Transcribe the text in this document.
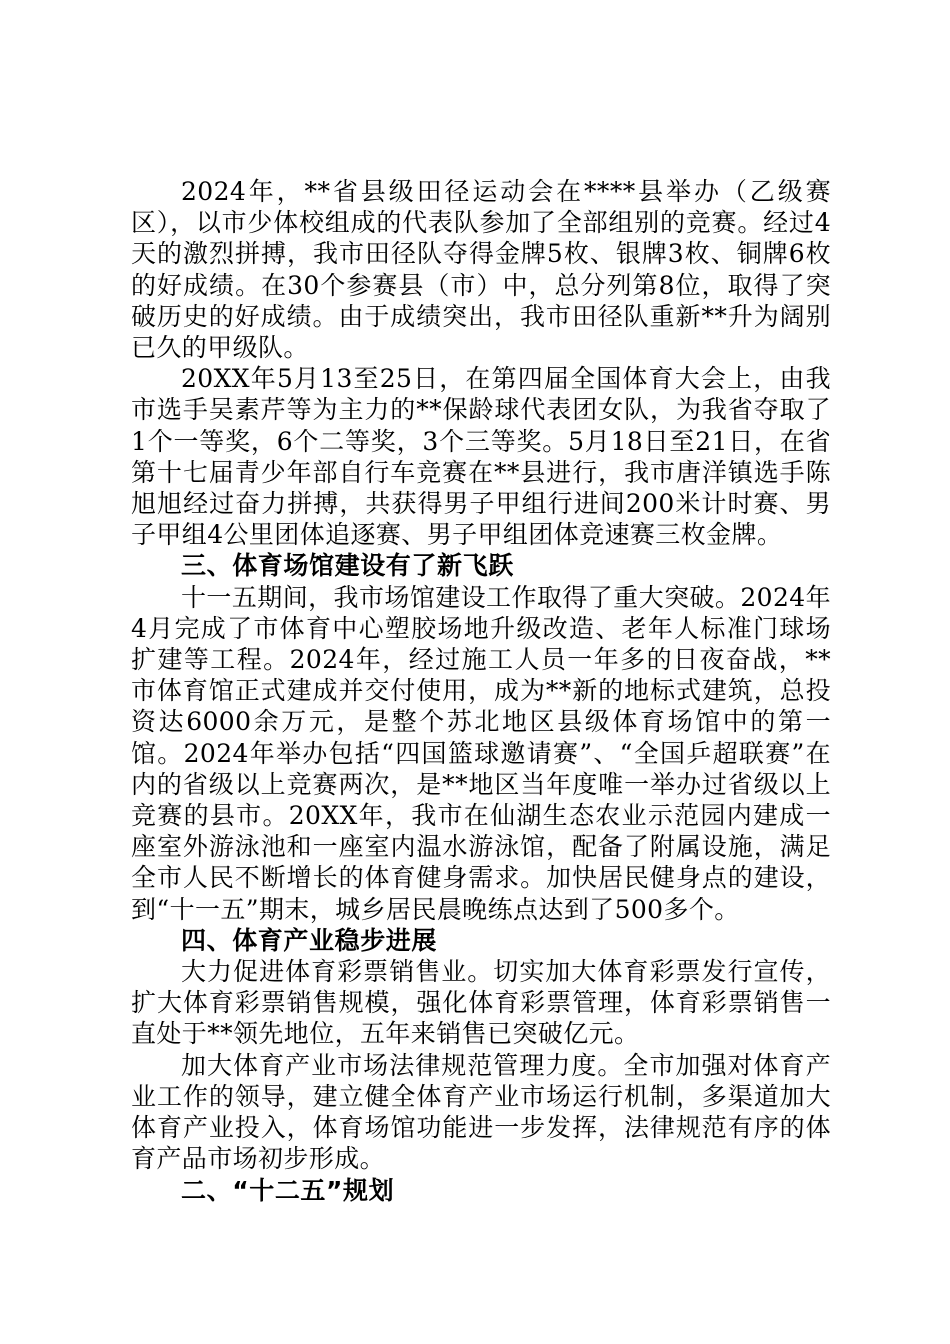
2024年，**省县级田径运动会在****县举办（乙级赛区），以市少体校组成的代表队参加了全部组别的竞赛。经过4天的激烈拼搏，我市田径队夺得金牌5枚、银牌3枚、铜牌6枚的好成绩。在30个参赛县（市）中，总分列第8位，取得了突破历史的好成绩。由于成绩突出，我市田径队重新**升为阔别已久的甲级队。

20XX年5月13至25日，在第四届全国体育大会上，由我市选手吴素芹等为主力的**保龄球代表团女队，为我省夺取了1个一等奖，6个二等奖，3个三等奖。5月18日至21日，在省第十七届青少年部自行车竞赛在**县进行，我市唐洋镇选手陈旭旭经过奋力拼搏，共获得男子甲组行进间200米计时赛、男子甲组4公里团体追逐赛、男子甲组团体竞速赛三枚金牌。

三、体育场馆建设有了新飞跃

十一五期间，我市场馆建设工作取得了重大突破。2024年4月完成了市体育中心塑胶场地升级改造、老年人标准门球场扩建等工程。2024年，经过施工人员一年多的日夜奋战，**市体育馆正式建成并交付使用，成为**新的地标式建筑，总投资达6000余万元，是整个苏北地区县级体育场馆中的第一馆。2024年举办包括“四国篮球邀请赛”、“全国乒超联赛”在内的省级以上竞赛两次，是**地区当年度唯一举办过省级以上竞赛的县市。20XX年，我市在仙湖生态农业示范园内建成一座室外游泳池和一座室内温水游泳馆，配备了附属设施，满足全市人民不断增长的体育健身需求。加快居民健身点的建设，到“十一五”期末，城乡居民晨晚练点达到了500多个。

四、体育产业稳步进展

大力促进体育彩票销售业。切实加大体育彩票发行宣传，扩大体育彩票销售规模，强化体育彩票管理，体育彩票销售一直处于**领先地位，五年来销售已突破亿元。

加大体育产业市场法律规范管理力度。全市加强对体育产业工作的领导，建立健全体育产业市场运行机制，多渠道加大体育产业投入，体育场馆功能进一步发挥，法律规范有序的体育产品市场初步形成。

二、“十二五”规划
